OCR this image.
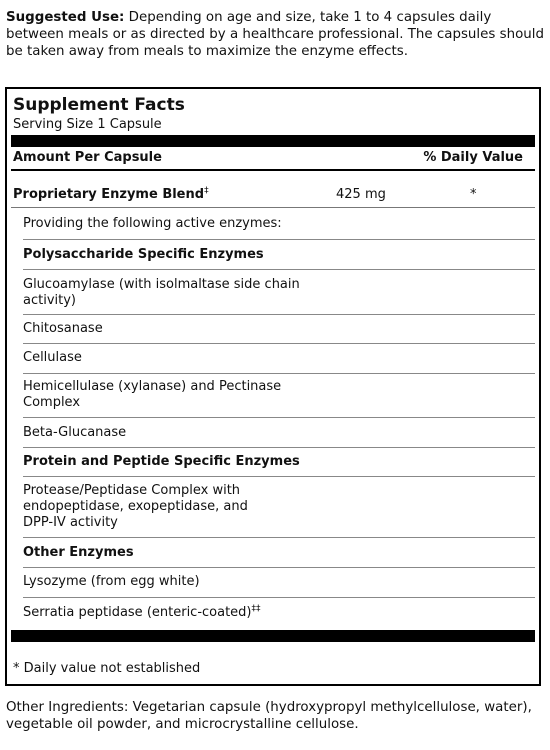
Suggested Use: Depending on age and size, take 1 to 4 capsules daily between meals or as directed by a healthcare professional. The capsules should be taken away from meals to maximize the enzyme effects.
Supplement Facts
Serving Size 1 Capsule
Amount Per Capsule	% Daily Value
Proprietary Enzyme Blend‡	425 mg	*
Providing the following active enzymes:
Polysaccharide Specific Enzymes
Glucoamylase (with isolmaltase side chain activity)
Chitosanase
Cellulase
Hemicellulase (xylanase) and Pectinase Complex
Beta-Glucanase
Protein and Peptide Specific Enzymes
Protease/Peptidase Complex with endopeptidase, exopeptidase, and DPP-IV activity
Other Enzymes
Lysozyme (from egg white)
Serratia peptidase (enteric-coated)‡‡
* Daily value not established
Other Ingredients: Vegetarian capsule (hydroxypropyl methylcellulose, water), vegetable oil powder, and microcrystalline cellulose.
